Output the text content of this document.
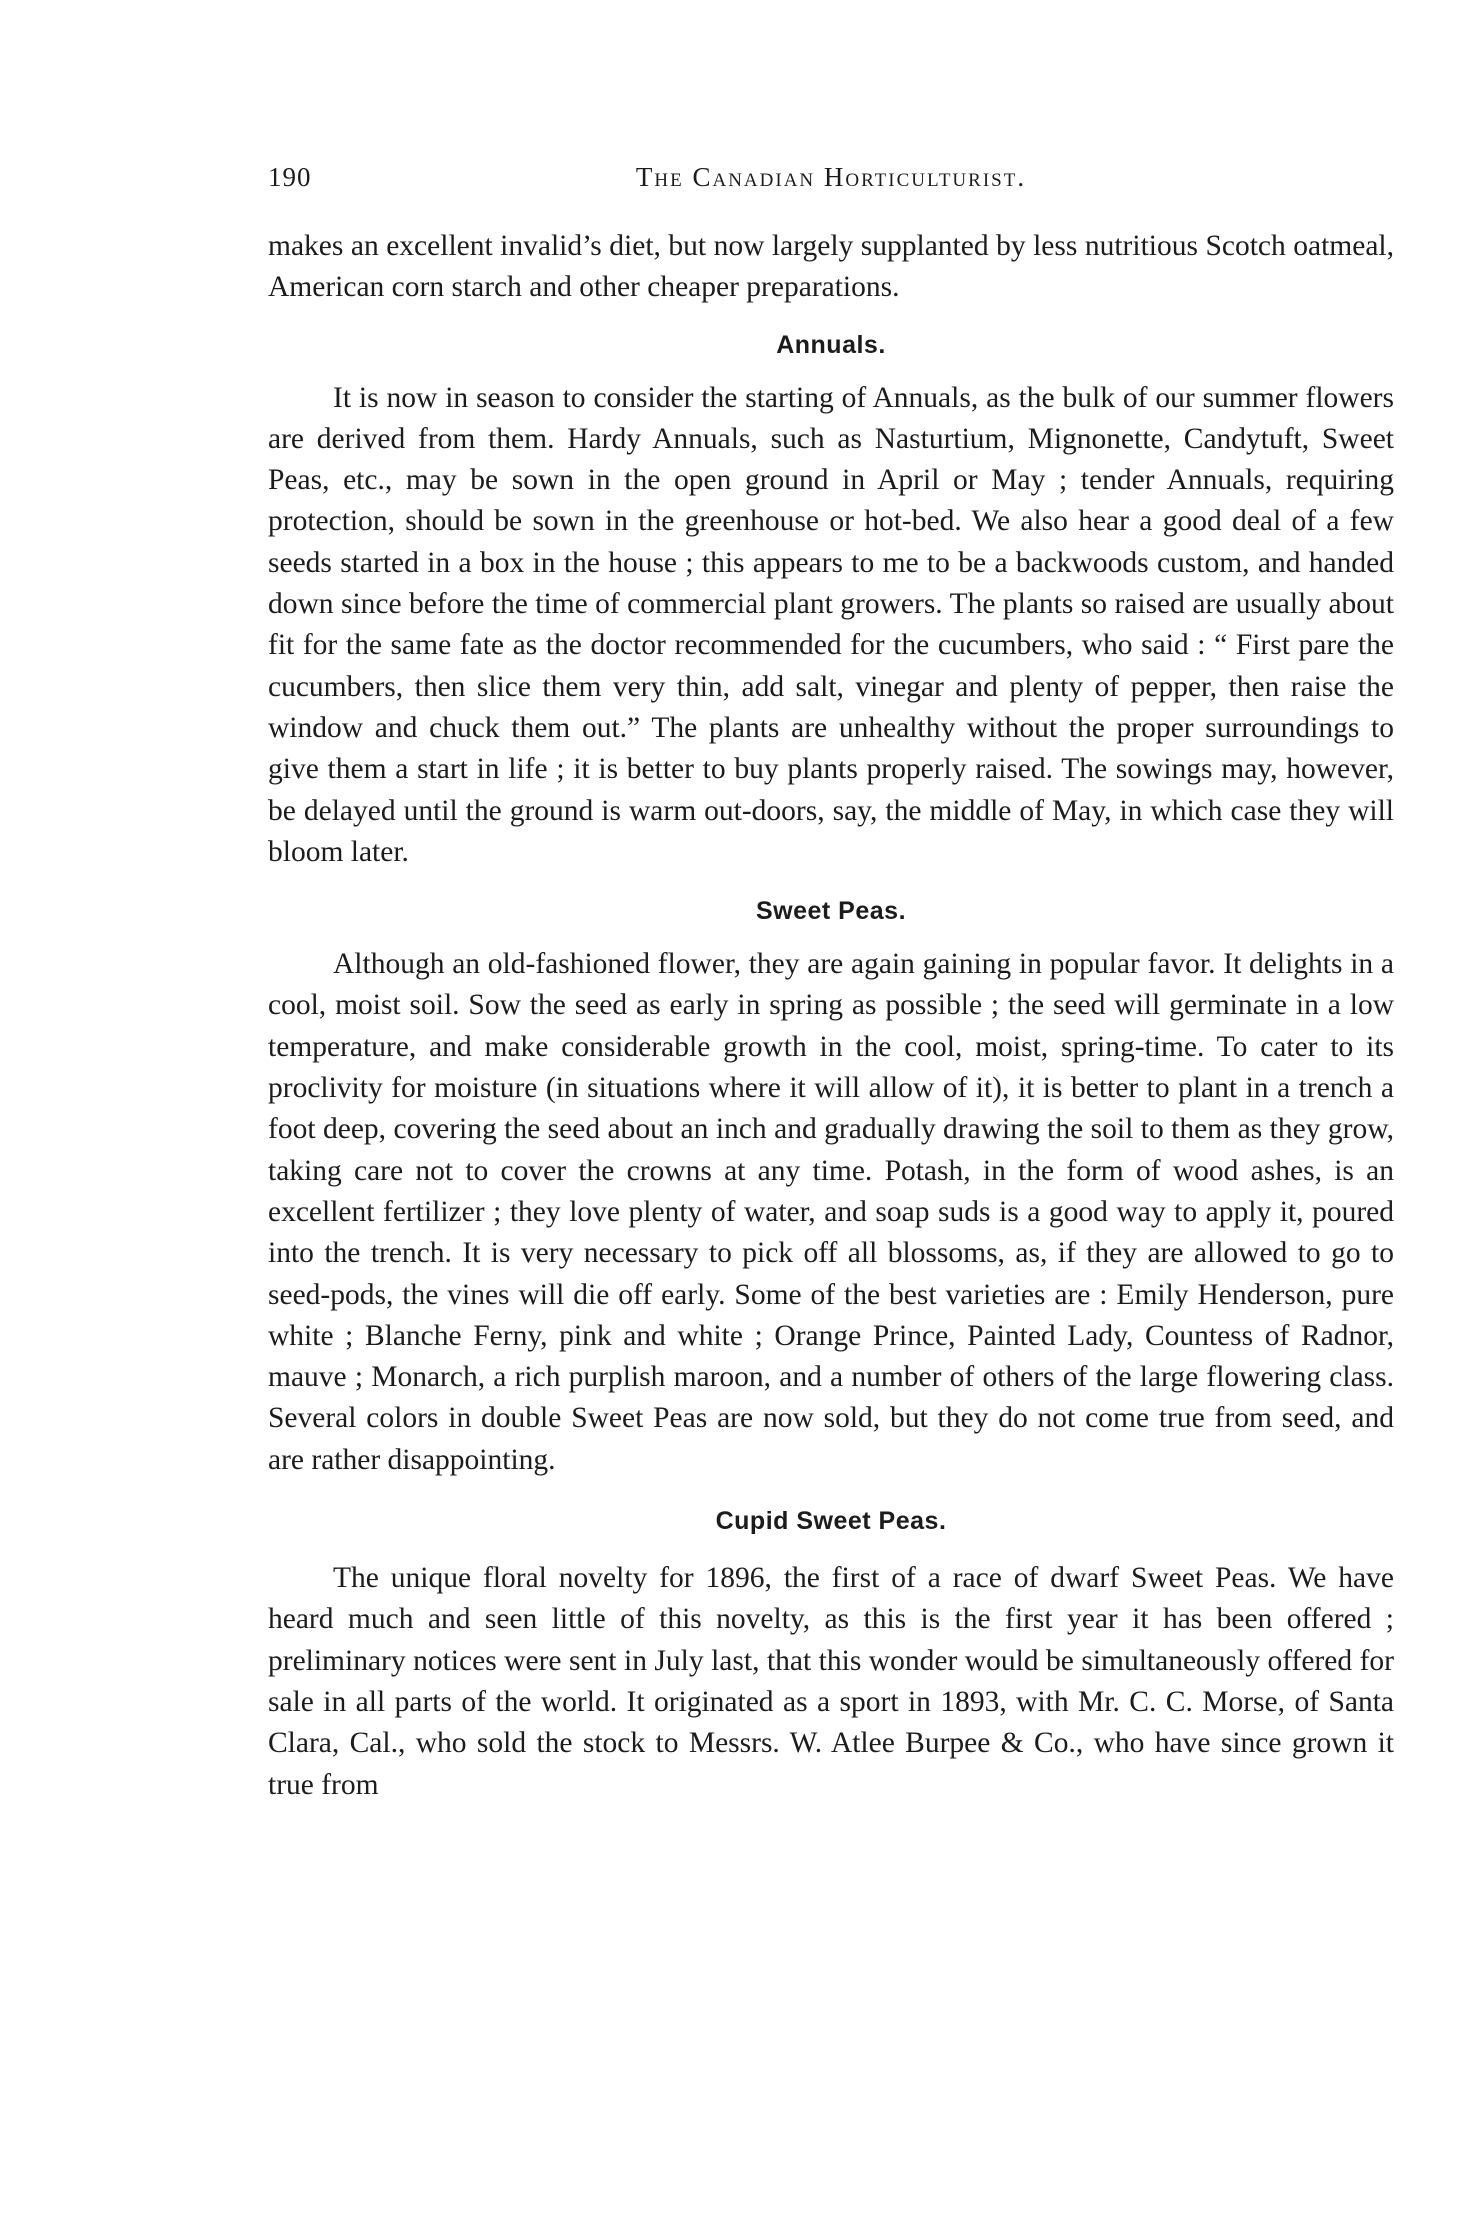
190	The Canadian Horticulturist.

makes an excellent invalid’s diet, but now largely supplanted by less nutritious Scotch oatmeal, American corn starch and other cheaper preparations.

Annuals.

It is now in season to consider the starting of Annuals, as the bulk of our summer flowers are derived from them. Hardy Annuals, such as Nasturtium, Mignonette, Candytuft, Sweet Peas, etc., may be sown in the open ground in April or May ; tender Annuals, requiring protection, should be sown in the greenhouse or hot-bed. We also hear a good deal of a few seeds started in a box in the house ; this appears to me to be a backwoods custom, and handed down since before the time of commercial plant growers. The plants so raised are usually about fit for the same fate as the doctor recommended for the cucumbers, who said : “ First pare the cucumbers, then slice them very thin, add salt, vinegar and plenty of pepper, then raise the window and chuck them out.” The plants are unhealthy without the proper surroundings to give them a start in life ; it is better to buy plants properly raised. The sowings may, however, be delayed until the ground is warm out-doors, say, the middle of May, in which case they will bloom later.

Sweet Peas.

Although an old-fashioned flower, they are again gaining in popular favor. It delights in a cool, moist soil. Sow the seed as early in spring as possible ; the seed will germinate in a low temperature, and make considerable growth in the cool, moist, spring-time. To cater to its proclivity for moisture (in situations where it will allow of it), it is better to plant in a trench a foot deep, covering the seed about an inch and gradually drawing the soil to them as they grow, taking care not to cover the crowns at any time. Potash, in the form of wood ashes, is an excellent fertilizer ; they love plenty of water, and soap suds is a good way to apply it, poured into the trench. It is very necessary to pick off all blossoms, as, if they are allowed to go to seed-pods, the vines will die off early. Some of the best varieties are : Emily Henderson, pure white ; Blanche Ferny, pink and white ; Orange Prince, Painted Lady, Countess of Radnor, mauve ; Monarch, a rich purplish maroon, and a number of others of the large flowering class. Several colors in double Sweet Peas are now sold, but they do not come true from seed, and are rather disappointing.

Cupid Sweet Peas.

The unique floral novelty for 1896, the first of a race of dwarf Sweet Peas. We have heard much and seen little of this novelty, as this is the first year it has been offered ; preliminary notices were sent in July last, that this wonder would be simultaneously offered for sale in all parts of the world. It originated as a sport in 1893, with Mr. C. C. Morse, of Santa Clara, Cal., who sold the stock to Messrs. W. Atlee Burpee & Co., who have since grown it true from
